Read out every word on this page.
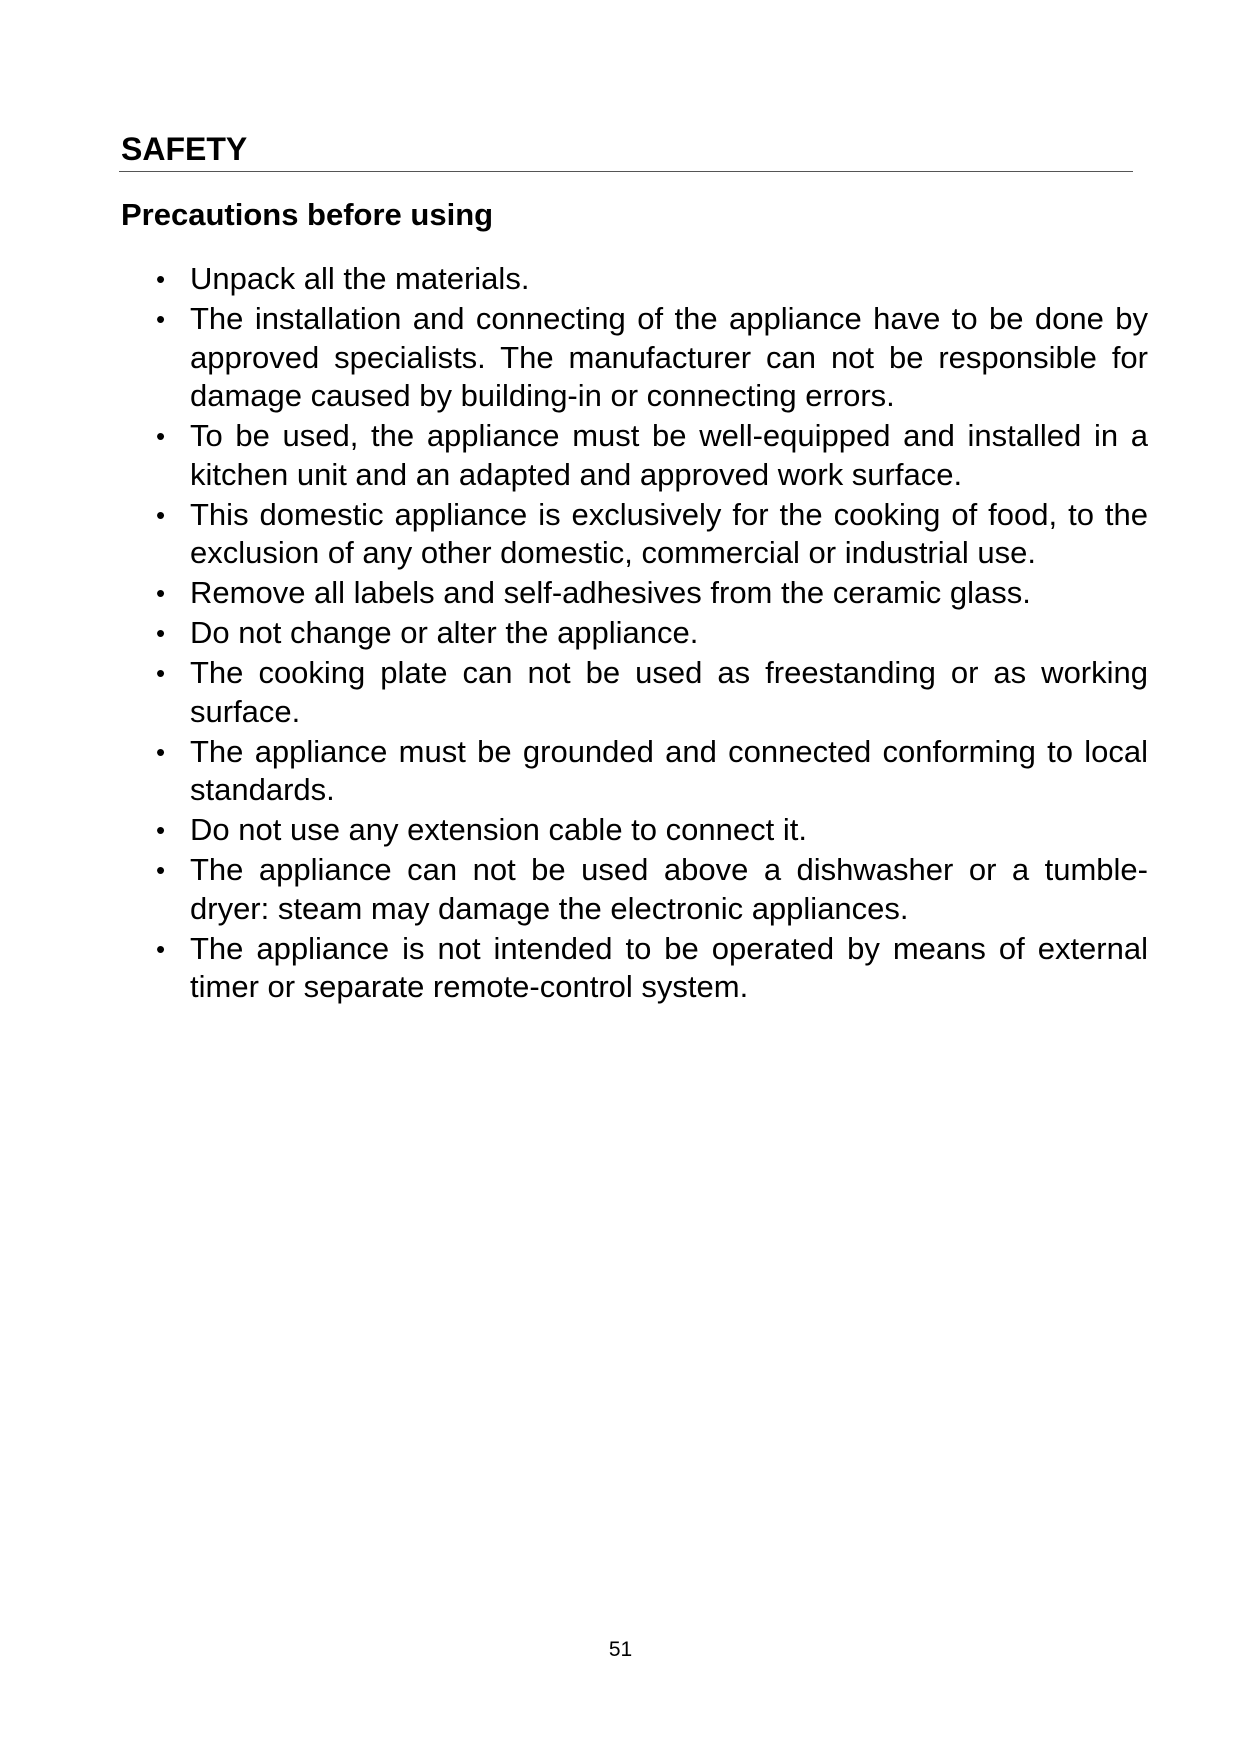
SAFETY
Precautions before using
• Unpack all the materials.
• The installation and connecting of the appliance have to be done by approved specialists. The manufacturer can not be responsible for damage caused by building-in or connecting errors.
• To be used, the appliance must be well-equipped and installed in a kitchen unit and an adapted and approved work surface.
• This domestic appliance is exclusively for the cooking of food, to the exclusion of any other domestic, commercial or industrial use.
• Remove all labels and self-adhesives from the ceramic glass.
• Do not change or alter the appliance.
• The cooking plate can not be used as freestanding or as working surface.
• The appliance must be grounded and connected conforming to local standards.
• Do not use any extension cable to connect it.
• The appliance can not be used above a dishwasher or a tumble-dryer: steam may damage the electronic appliances.
• The appliance is not intended to be operated by means of external timer or separate remote-control system.
51
